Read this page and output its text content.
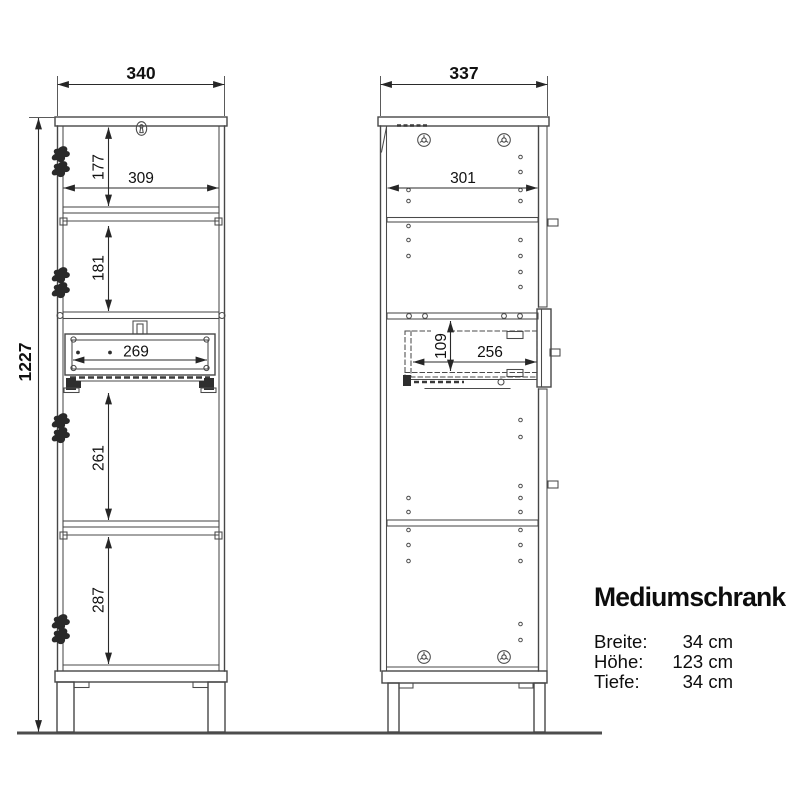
340
1227
177 309
181
269
261
287
337
301
109 256
Mediumschrank
Breite: 34 cm
Höhe: 123 cm
Tiefe: 34 cm
